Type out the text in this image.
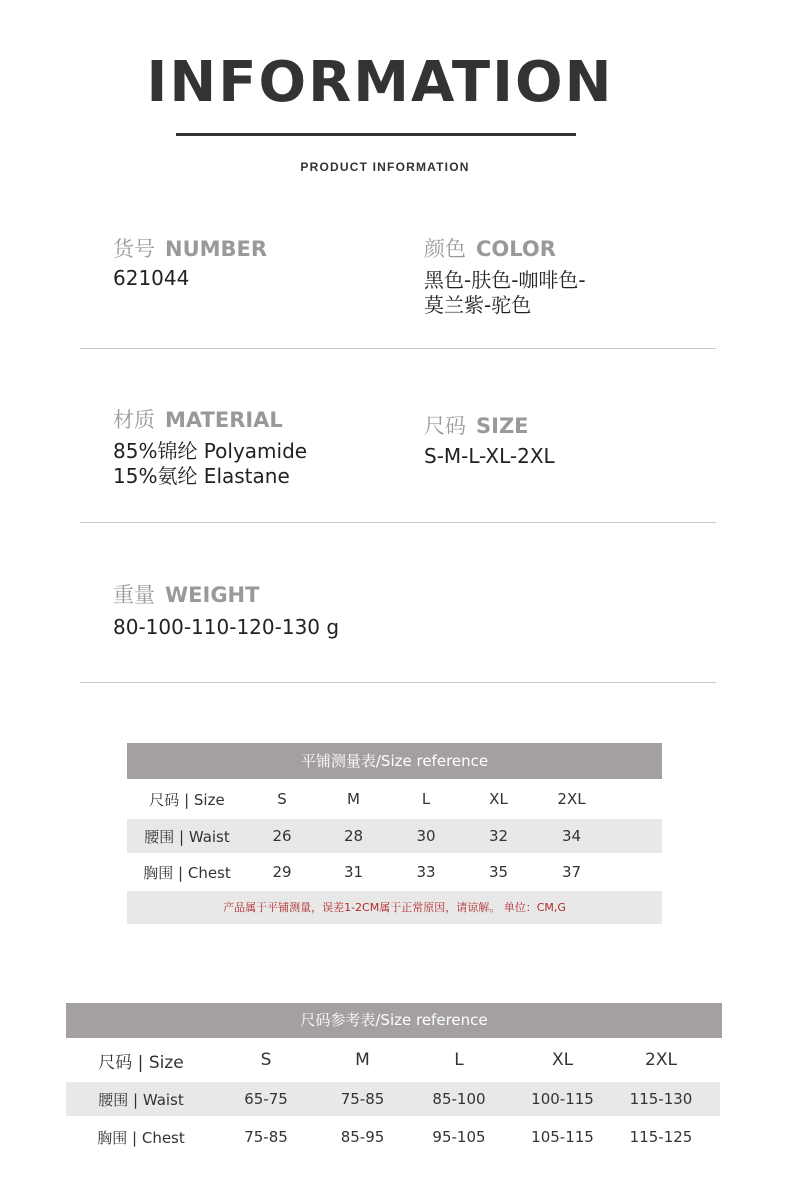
INFORMATION
PRODUCT INFORMATION
货号 NUMBER
621044
颜色 COLOR
黑色-肤色-咖啡色-
莫兰紫-驼色
材质 MATERIAL
85%锦纶 Polyamide
15%氨纶 Elastane
尺码 SIZE
S-M-L-XL-2XL
重量 WEIGHT
80-100-110-120-130 g
平铺测量表/Size reference
尺码 | Size	S	M	L	XL	2XL
腰围 | Waist	26	28	30	32	34
胸围 | Chest	29	31	33	35	37
产品属于平铺测量，误差1-2CM属于正常原因，请谅解。 单位：CM,G
尺码参考表/Size reference
尺码 | Size	S	M	L	XL	2XL
腰围 | Waist	65-75	75-85	85-100	100-115	115-130
胸围 | Chest	75-85	85-95	95-105	105-115	115-125
